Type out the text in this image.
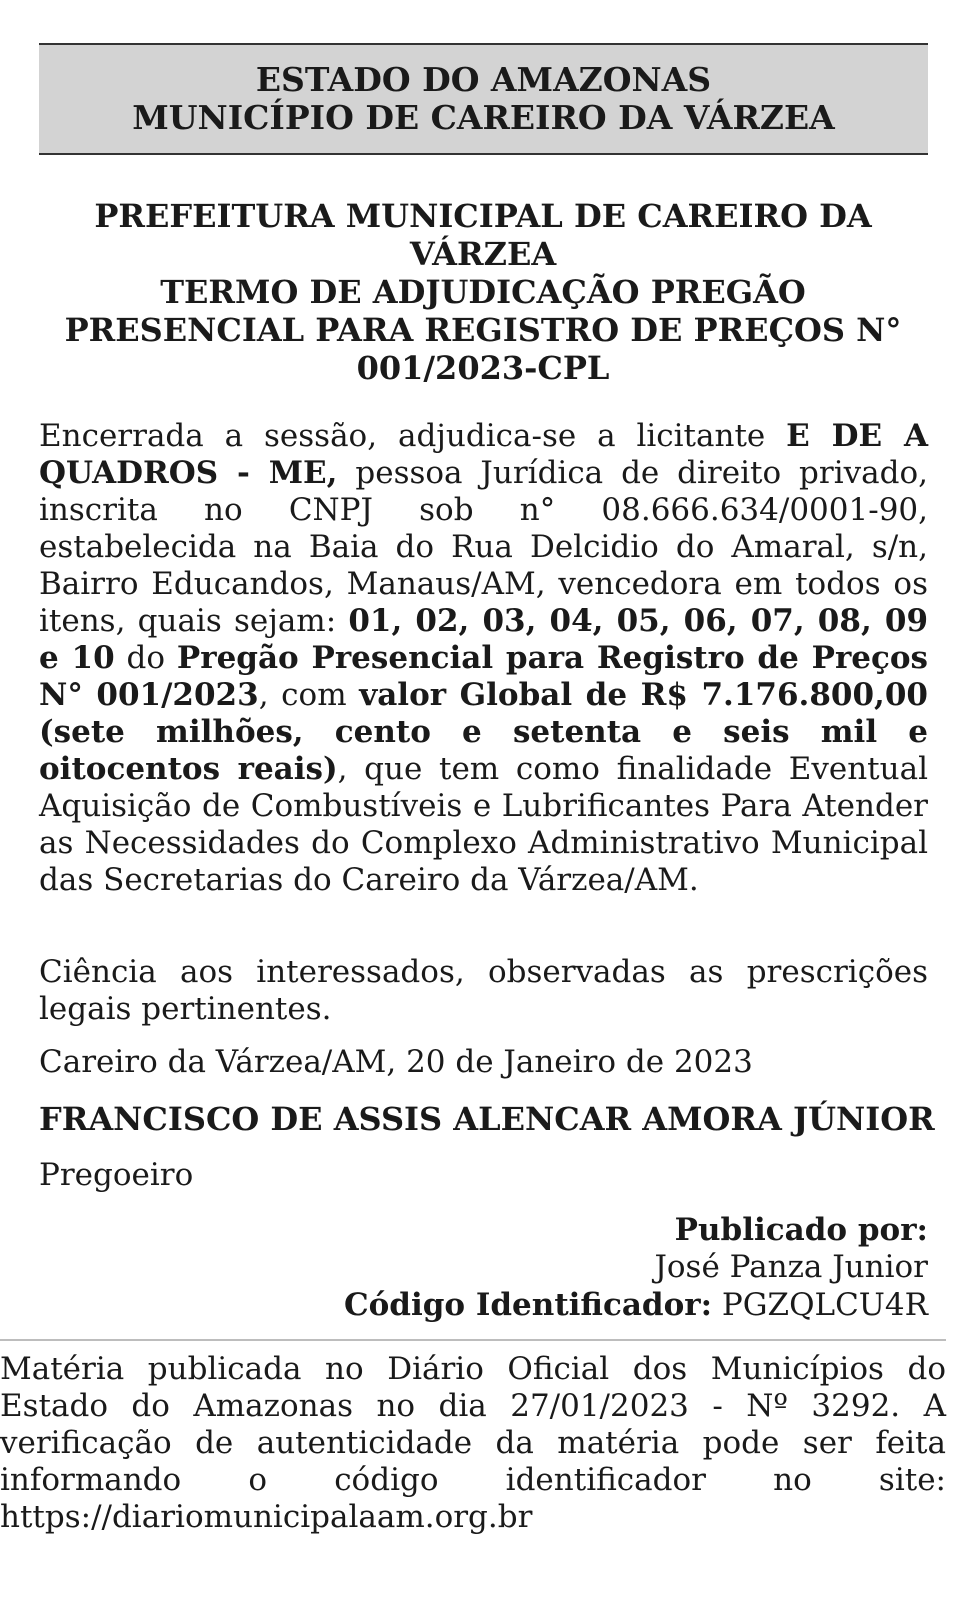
ESTADO DO AMAZONAS
MUNICÍPIO DE CAREIRO DA VÁRZEA
PREFEITURA MUNICIPAL DE CAREIRO DA
VÁRZEA
TERMO DE ADJUDICAÇÃO PREGÃO
PRESENCIAL PARA REGISTRO DE PREÇOS N°
001/2023-CPL

Encerrada a sessão, adjudica-se a licitante E DE A QUADROS - ME, pessoa Jurídica de direito privado, inscrita no CNPJ sob n° 08.666.634/0001-90, estabelecida na Baia do Rua Delcidio do Amaral, s/n, Bairro Educandos, Manaus/AM, vencedora em todos os itens, quais sejam: 01, 02, 03, 04, 05, 06, 07, 08, 09 e 10 do Pregão Presencial para Registro de Preços N° 001/2023, com valor Global de R$ 7.176.800,00 (sete milhões, cento e setenta e seis mil e oitocentos reais), que tem como finalidade Eventual Aquisição de Combustíveis e Lubrificantes Para Atender as Necessidades do Complexo Administrativo Municipal das Secretarias do Careiro da Várzea/AM.

Ciência aos interessados, observadas as prescrições legais pertinentes.

Careiro da Várzea/AM, 20 de Janeiro de 2023
FRANCISCO DE ASSIS ALENCAR AMORA JÚNIOR
Pregoeiro
Publicado por:
José Panza Junior
Código Identificador: PGZQLCU4R

Matéria publicada no Diário Oficial dos Municípios do Estado do Amazonas no dia 27/01/2023 - Nº 3292. A verificação de autenticidade da matéria pode ser feita informando o código identificador no site: https://diariomunicipalaam.org.br
